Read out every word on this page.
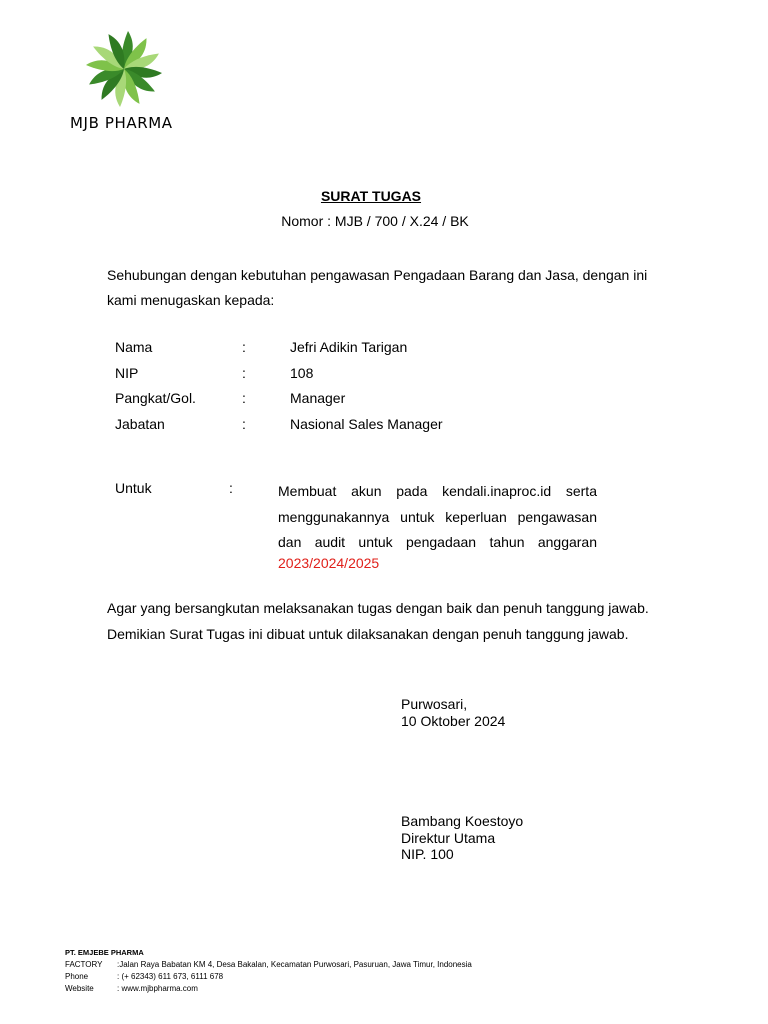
MJB PHARMA
SURAT TUGAS
Nomor : MJB / 700 / X.24 / BK
Sehubungan dengan kebutuhan pengawasan Pengadaan Barang dan Jasa, dengan ini kami menugaskan kepada:
Nama	:	Jefri Adikin Tarigan
NIP	:	108
Pangkat/Gol.	:	Manager
Jabatan	:	Nasional Sales Manager
Untuk	:	Membuat akun pada kendali.inaproc.id serta
menggunakannya untuk keperluan pengawasan
dan audit untuk pengadaan tahun anggaran
2023/2024/2025
Agar yang bersangkutan melaksanakan tugas dengan baik dan penuh tanggung jawab.
Demikian Surat Tugas ini dibuat untuk dilaksanakan dengan penuh tanggung jawab.
Purwosari,
10 Oktober 2024
Bambang Koestoyo
Direktur Utama
NIP. 100
PT. EMJEBE PHARMA
FACTORY :Jalan Raya Babatan KM 4, Desa Bakalan, Kecamatan Purwosari, Pasuruan, Jawa Timur, Indonesia
Phone	: (+ 62343) 611 673, 6111 678
Website	: www.mjbpharma.com
